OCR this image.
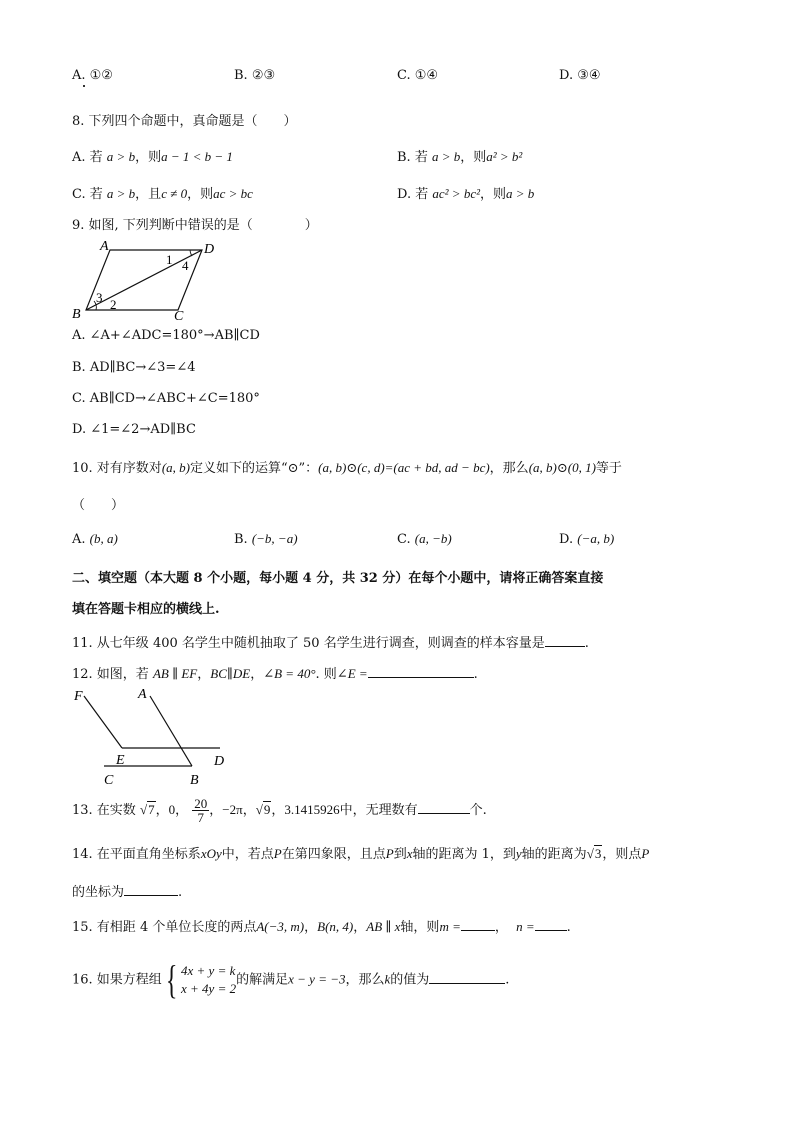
A. ①②	B. ②③	C. ①④	D. ③④
8. 下列四个命题中，真命题是（　　）
A. 若 a > b，则a − 1 < b − 1	B. 若 a > b，则a² > b²
C. 若 a > b，且c ≠ 0，则ac > bc	D. 若 ac² > bc²，则a > b
9. 如图, 下列判断中错误的是（　　　　）
A	D
B	C
1 4
3 2
A. ∠A+∠ADC=180°→AB∥CD
B. AD∥BC→∠3=∠4
C. AB∥CD→∠ABC+∠C=180°
D. ∠1=∠2→AD∥BC
10. 对有序数对(a, b)定义如下的运算“⊙”：(a, b)⊙(c, d)=(ac + bd, ad − bc)，那么(a, b)⊙(0, 1)等于
（　　）
A. (b, a)	B. (−b, −a)	C. (a, −b)	D. (−a, b)
二、填空题（本大题 8 个小题，每小题 4 分，共 32 分）在每个小题中，请将正确答案直接
填在答题卡相应的横线上.
11. 从七年级 400 名学生中随机抽取了 50 名学生进行调查，则调查的样本容量是	.
12. 如图，若 AB ∥ EF，BC∥DE，∠B = 40°. 则∠E =	.
F	A
E	D
C	B
13. 在实数 √7，0， $\frac{20}{7}$ ，−2π，√9，3.1415926中，无理数有	个.
14. 在平面直角坐标系xOy中，若点P在第四象限，且点P到x轴的距离为 1，到y轴的距离为√3，则点P
的坐标为	.
15. 有相距 4 个单位长度的两点A(−3, m)，B(n, 4)，AB ∥ x轴，则m =	， n = .
16. 如果方程组{ 4x + y = k
x + 4y = 2
的解满足x − y = −3，那么k的值为	.
